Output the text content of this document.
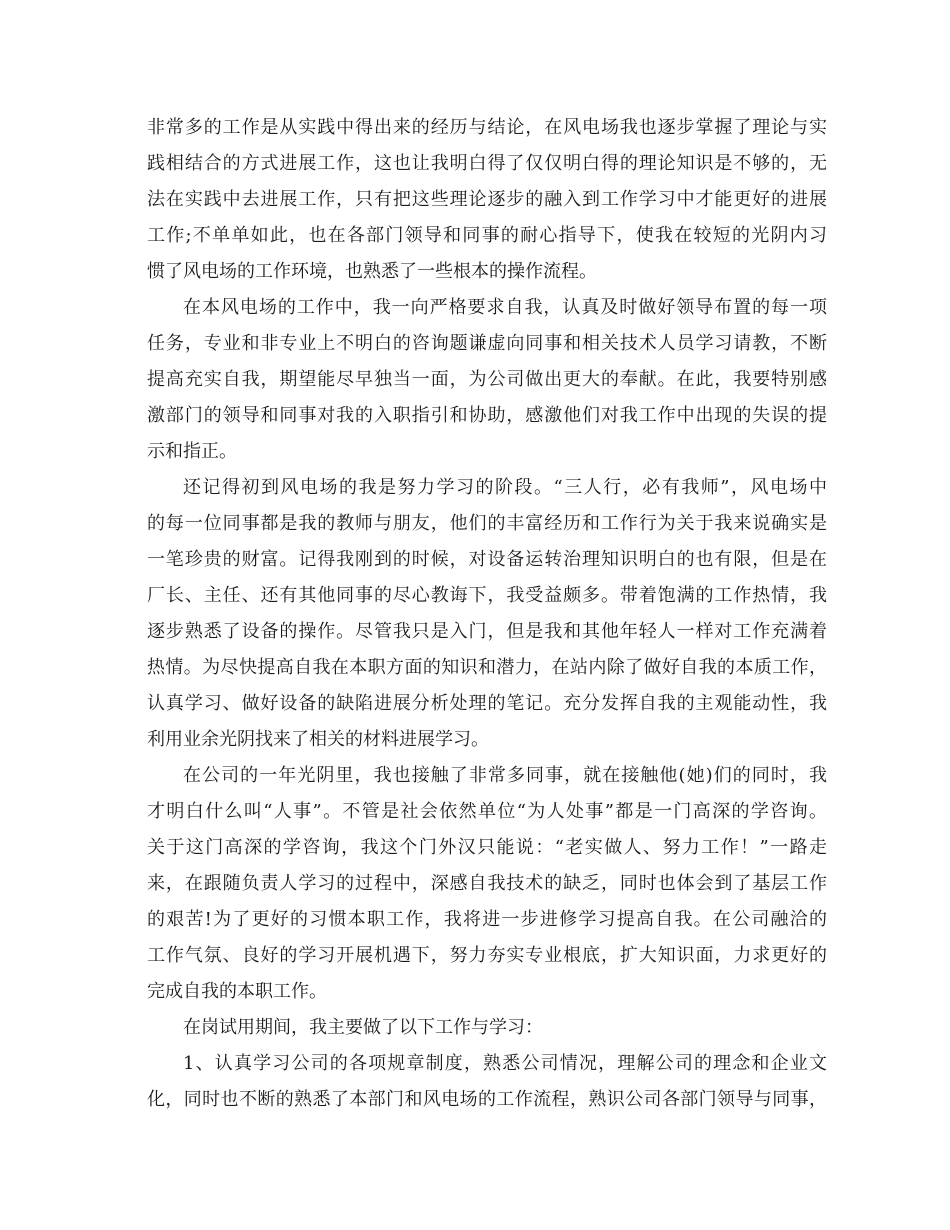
非常多的工作是从实践中得出来的经历与结论，在风电场我也逐步掌握了理论与实
践相结合的方式进展工作，这也让我明白得了仅仅明白得的理论知识是不够的，无
法在实践中去进展工作，只有把这些理论逐步的融入到工作学习中才能更好的进展
工作;不单单如此，也在各部门领导和同事的耐心指导下，使我在较短的光阴内习
惯了风电场的工作环境，也熟悉了一些根本的操作流程。
在本风电场的工作中，我一向严格要求自我，认真及时做好领导布置的每一项
任务，专业和非专业上不明白的咨询题谦虚向同事和相关技术人员学习请教，不断
提高充实自我，期望能尽早独当一面，为公司做出更大的奉献。在此，我要特别感
激部门的领导和同事对我的入职指引和协助，感激他们对我工作中出现的失误的提
示和指正。
还记得初到风电场的我是努力学习的阶段。“三人行，必有我师”，风电场中
的每一位同事都是我的教师与朋友，他们的丰富经历和工作行为关于我来说确实是
一笔珍贵的财富。记得我刚到的时候，对设备运转治理知识明白的也有限，但是在
厂长、主任、还有其他同事的尽心教诲下，我受益颇多。带着饱满的工作热情，我
逐步熟悉了设备的操作。尽管我只是入门，但是我和其他年轻人一样对工作充满着
热情。为尽快提高自我在本职方面的知识和潜力，在站内除了做好自我的本质工作，
认真学习、做好设备的缺陷进展分析处理的笔记。充分发挥自我的主观能动性，我
利用业余光阴找来了相关的材料进展学习。
在公司的一年光阴里，我也接触了非常多同事，就在接触他(她)们的同时，我
才明白什么叫“人事”。不管是社会依然单位“为人处事”都是一门高深的学咨询。
关于这门高深的学咨询，我这个门外汉只能说：“老实做人、努力工作！”一路走
来，在跟随负责人学习的过程中，深感自我技术的缺乏，同时也体会到了基层工作
的艰苦!为了更好的习惯本职工作，我将进一步进修学习提高自我。在公司融洽的
工作气氛、良好的学习开展机遇下，努力夯实专业根底，扩大知识面，力求更好的
完成自我的本职工作。
在岗试用期间，我主要做了以下工作与学习：
1、认真学习公司的各项规章制度，熟悉公司情况，理解公司的理念和企业文
化，同时也不断的熟悉了本部门和风电场的工作流程，熟识公司各部门领导与同事，
